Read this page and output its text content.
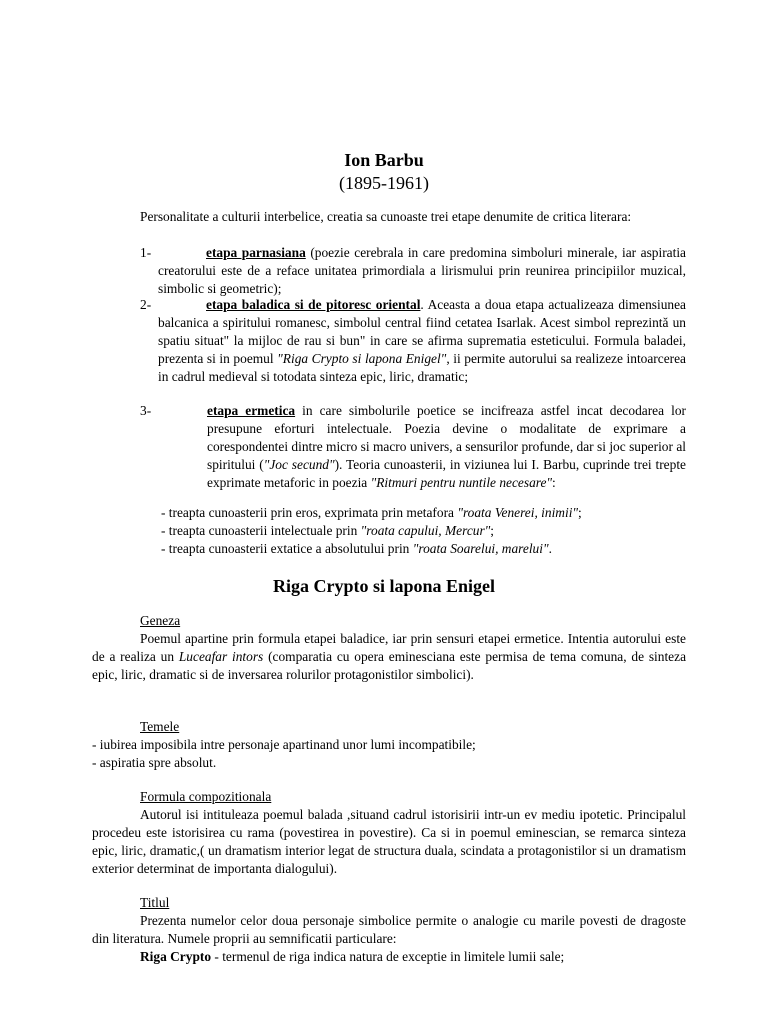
Ion Barbu
(1895-1961)

Personalitate a culturii interbelice, creatia sa cunoaste trei etape denumite de critica literara:

1-	etapa parnasiana (poezie cerebrala in care predomina simboluri minerale, iar aspiratia creatorului este de a reface unitatea primordiala a lirismului prin reunirea principiilor muzical, simbolic si geometric);
2-	etapa baladica si de pitoresc oriental. Aceasta a doua etapa actualizeaza dimensiunea balcanica a spiritului romanesc, simbolul central fiind cetatea Isarlak. Acest simbol reprezintă un spatiu situat" la mijloc de rau si bun" in care se afirma suprematia esteticului. Formula baladei, prezenta si in poemul "Riga Crypto si lapona Enigel", ii permite autorului sa realizeze intoarcerea in cadrul medieval si totodata sinteza epic, liric, dramatic;
3-	etapa ermetica in care simbolurile poetice se incifreaza astfel incat decodarea lor presupune eforturi intelectuale. Poezia devine o modalitate de exprimare a corespondentei dintre micro si macro univers, a sensurilor profunde, dar si joc superior al spiritului ("Joc secund"). Teoria cunoasterii, in viziunea lui I. Barbu, cuprinde trei trepte exprimate metaforic in poezia "Ritmuri pentru nuntile necesare":
- treapta cunoasterii prin eros, exprimata prin metafora "roata Venerei, inimii";
- treapta cunoasterii intelectuale prin "roata capului, Mercur";
- treapta cunoasterii extatice a absolutului prin "roata Soarelui, marelui".
Riga Crypto si lapona Enigel
Geneza

Poemul apartine prin formula etapei baladice, iar prin sensuri etapei ermetice. Intentia autorului este de a realiza un Luceafar intors (comparatia cu opera eminesciana este permisa de tema comuna, de sinteza epic, liric, dramatic si de inversarea rolurilor protagonistilor simbolici).

Temele
- iubirea imposibila intre personaje apartinand unor lumi incompatibile;
- aspiratia spre absolut.
Formula compozitionala

Autorul isi intituleaza poemul balada ,situand cadrul istorisirii intr-un ev mediu ipotetic. Principalul procedeu este istorisirea cu rama (povestirea in povestire). Ca si in poemul eminescian, se remarca sinteza epic, liric, dramatic,( un dramatism interior legat de structura duala, scindata a protagonistilor si un dramatism exterior determinat de importanta dialogului).

Titlul

Prezenta numelor celor doua personaje simbolice permite o analogie cu marile povesti de dragoste din literatura. Numele proprii au semnificatii particulare:

Riga Crypto - termenul de riga indica natura de exceptie in limitele lumii sale;
